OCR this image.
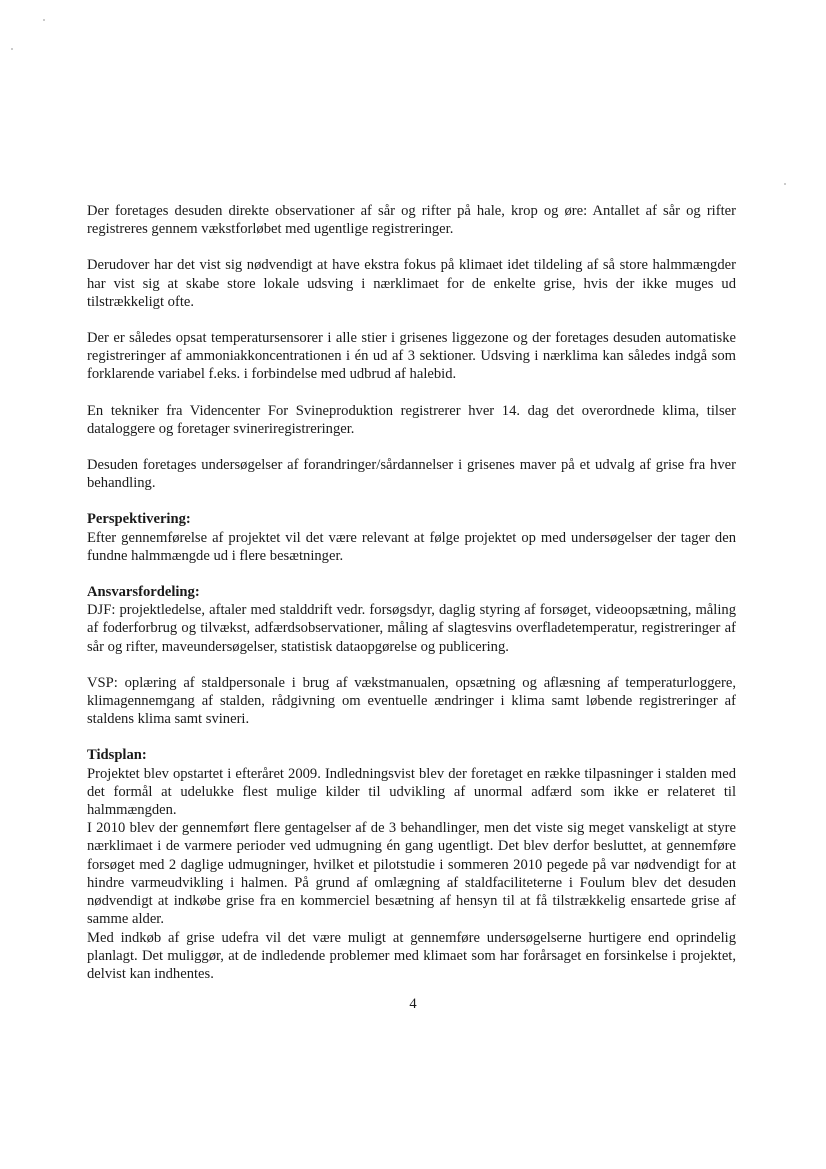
Der foretages desuden direkte observationer af sår og rifter på hale, krop og øre: Antallet af sår og rifter registreres gennem vækstforløbet med ugentlige registreringer.

Derudover har det vist sig nødvendigt at have ekstra fokus på klimaet idet tildeling af så store halmmængder har vist sig at skabe store lokale udsving i nærklimaet for de enkelte grise, hvis der ikke muges ud tilstrækkeligt ofte.

Der er således opsat temperatursensorer i alle stier i grisenes liggezone og der foretages desuden automatiske registreringer af ammoniakkoncentrationen i én ud af 3 sektioner. Udsving i nærklima kan således indgå som forklarende variabel f.eks. i forbindelse med udbrud af halebid.

En tekniker fra Videncenter For Svineproduktion registrerer hver 14. dag det overordnede klima, tilser dataloggere og foretager svineriregistreringer.

Desuden foretages undersøgelser af forandringer/sårdannelser i grisenes maver på et udvalg af grise fra hver behandling.

Perspektivering:

Efter gennemførelse af projektet vil det være relevant at følge projektet op med undersøgelser der tager den fundne halmmængde ud i flere besætninger.

Ansvarsfordeling:

DJF: projektledelse, aftaler med stalddrift vedr. forsøgsdyr, daglig styring af forsøget, videoopsætning, måling af foderforbrug og tilvækst, adfærdsobservationer, måling af slagtesvins overfladetemperatur, registreringer af sår og rifter, maveundersøgelser, statistisk dataopgørelse og publicering.

VSP: oplæring af staldpersonale i brug af vækstmanualen, opsætning og aflæsning af temperaturloggere, klimagennemgang af stalden, rådgivning om eventuelle ændringer i klima samt løbende registreringer af staldens klima samt svineri.

Tidsplan:

Projektet blev opstartet i efteråret 2009. Indledningsvist blev der foretaget en række tilpasninger i stalden med det formål at udelukke flest mulige kilder til udvikling af unormal adfærd som ikke er relateret til halmmængden.

I 2010 blev der gennemført flere gentagelser af de 3 behandlinger, men det viste sig meget vanskeligt at styre nærklimaet i de varmere perioder ved udmugning én gang ugentligt. Det blev derfor besluttet, at gennemføre forsøget med 2 daglige udmugninger, hvilket et pilotstudie i sommeren 2010 pegede på var nødvendigt for at hindre varmeudvikling i halmen. På grund af omlægning af staldfaciliteterne i Foulum blev det desuden nødvendigt at indkøbe grise fra en kommerciel besætning af hensyn til at få tilstrækkelig ensartede grise af samme alder.

Med indkøb af grise udefra vil det være muligt at gennemføre undersøgelserne hurtigere end oprindelig planlagt. Det muliggør, at de indledende problemer med klimaet som har forårsaget en forsinkelse i projektet, delvist kan indhentes.

4
